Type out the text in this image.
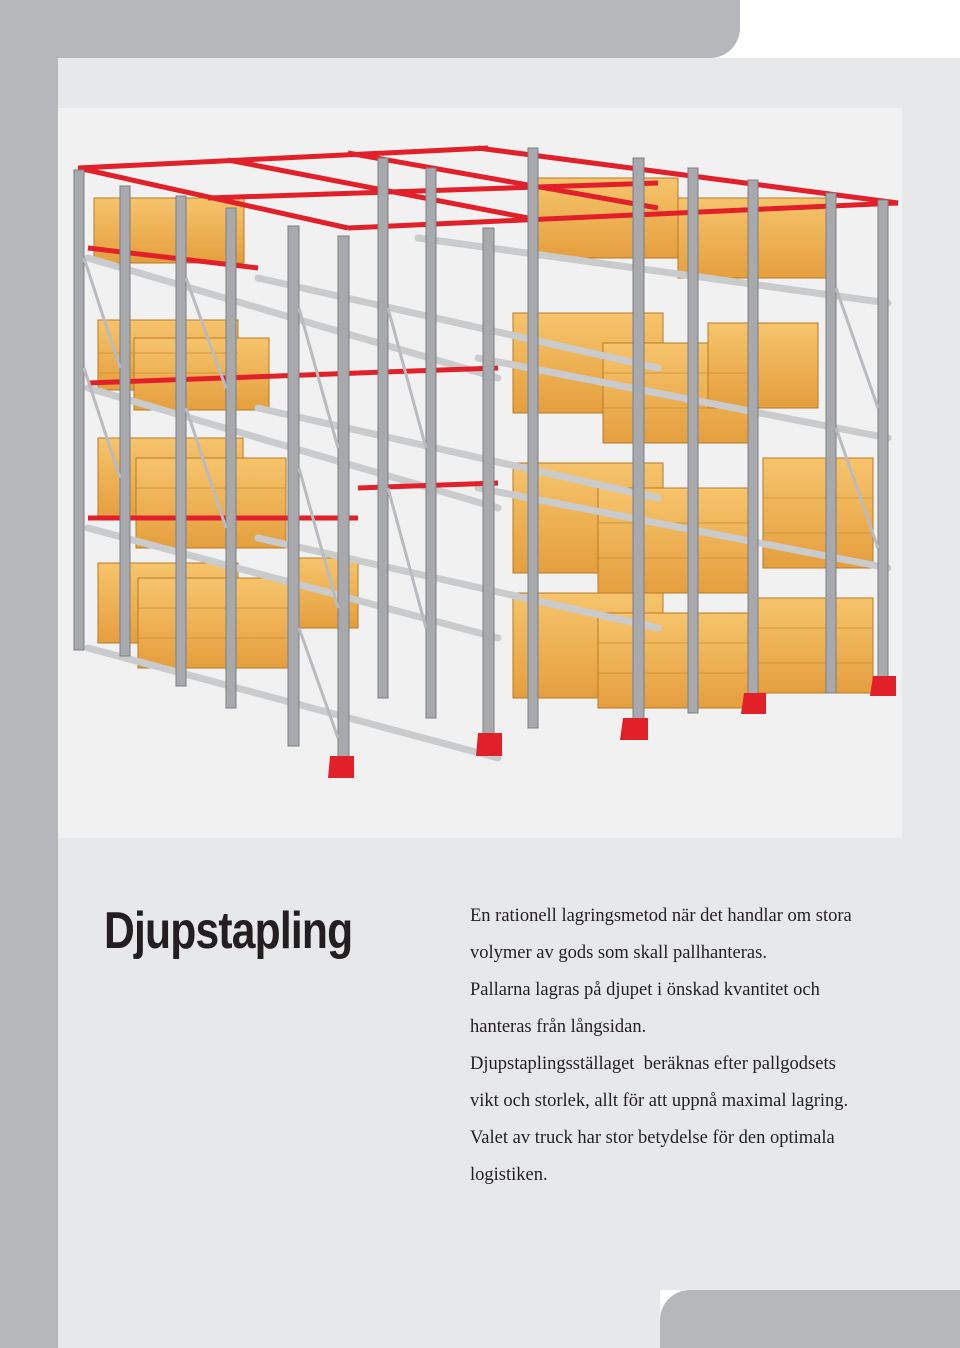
Djupstapling	En rationell lagringsmetod när det handlar om stora

volymer av gods som skall pallhanteras.

Pallarna lagras på djupet i önskad kvantitet och

hanteras från långsidan.

Djupstaplingsställaget  beräknas efter pallgodsets

vikt och storlek, allt för att uppnå maximal lagring.

Valet av truck har stor betydelse för den optimala

logistiken.
